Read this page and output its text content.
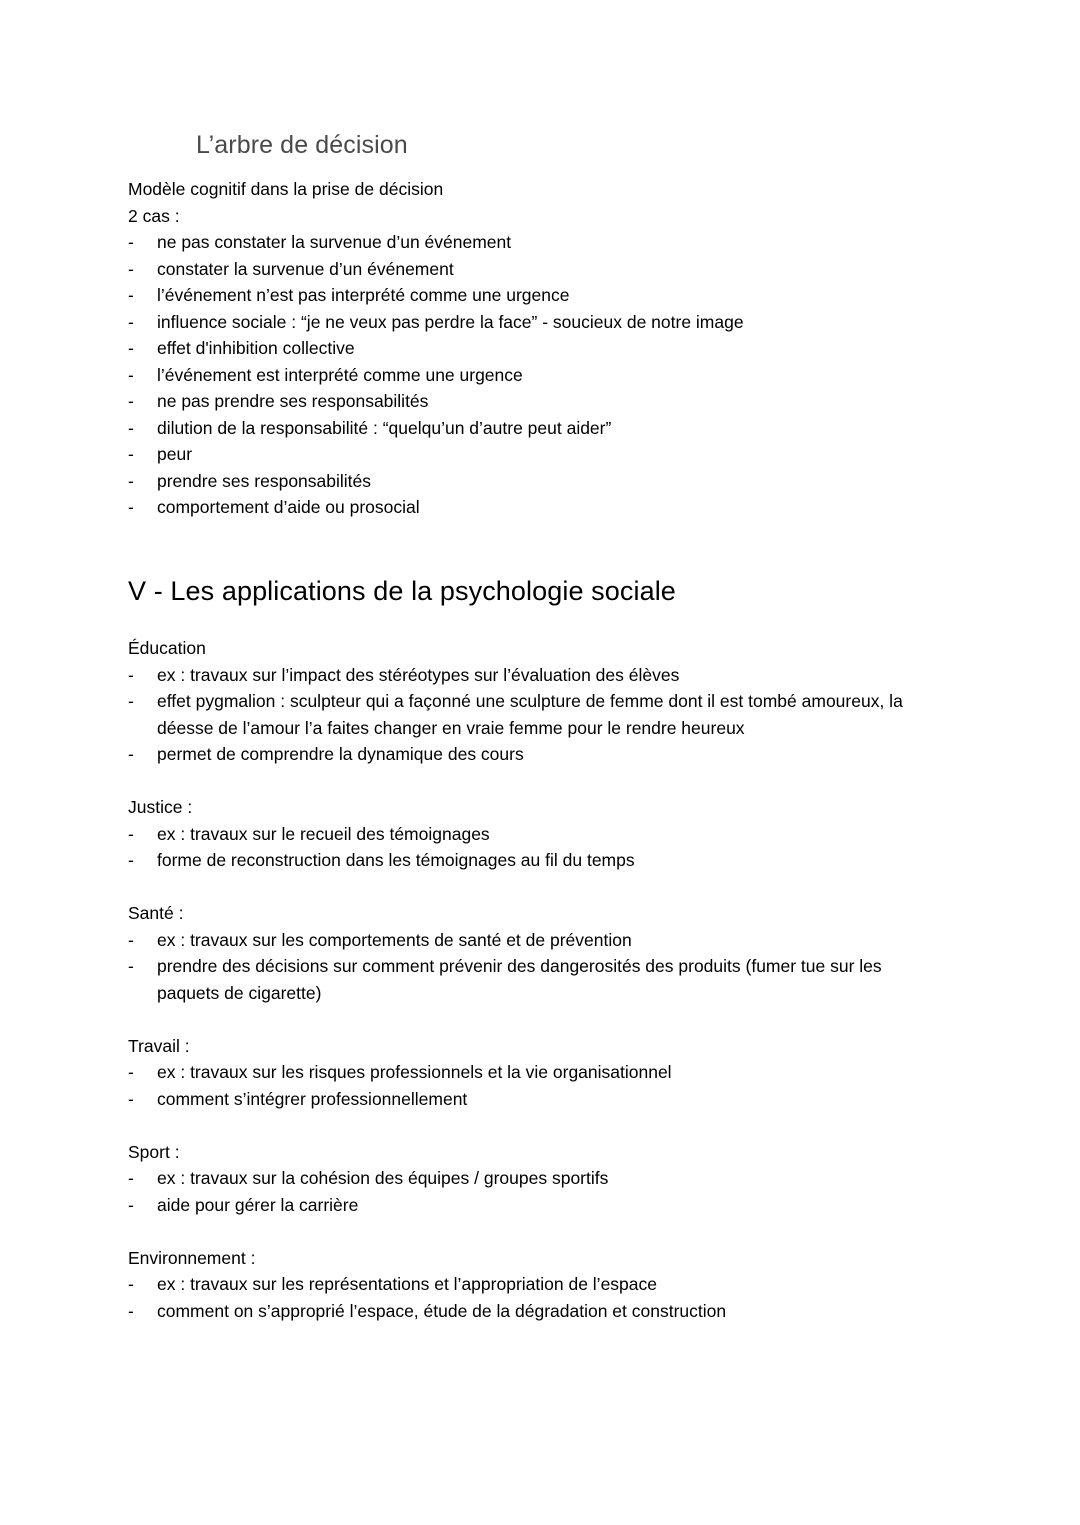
L’arbre de décision

Modèle cognitif dans la prise de décision

2 cas :

-	ne pas constater la survenue d’un événement
-	constater la survenue d’un événement
-	l’événement n’est pas interprété comme une urgence
-	influence sociale : “je ne veux pas perdre la face” - soucieux de notre image
-	effet d'inhibition collective
-	l’événement est interprété comme une urgence
-	ne pas prendre ses responsabilités
-	dilution de la responsabilité : “quelqu’un d’autre peut aider”
-	peur
-	prendre ses responsabilités
-	comportement d’aide ou prosocial
V - Les applications de la psychologie sociale

Éducation

-	ex : travaux sur l’impact des stéréotypes sur l’évaluation des élèves
-	effet pygmalion : sculpteur qui a façonné une sculpture de femme dont il est tombé amoureux, la déesse de l’amour l’a faites changer en vraie femme pour le rendre heureux
-	permet de comprendre la dynamique des cours

Justice :

-	ex : travaux sur le recueil des témoignages
-	forme de reconstruction dans les témoignages au fil du temps

Santé :

-	ex : travaux sur les comportements de santé et de prévention
-	prendre des décisions sur comment prévenir des dangerosités des produits (fumer tue sur les paquets de cigarette)

Travail :

-	ex : travaux sur les risques professionnels et la vie organisationnel
-	comment s’intégrer professionnellement

Sport :

-	ex : travaux sur la cohésion des équipes / groupes sportifs
-	aide pour gérer la carrière

Environnement :

-	ex : travaux sur les représentations et l’appropriation de l’espace
-	comment on s’approprié l’espace, étude de la dégradation et construction
